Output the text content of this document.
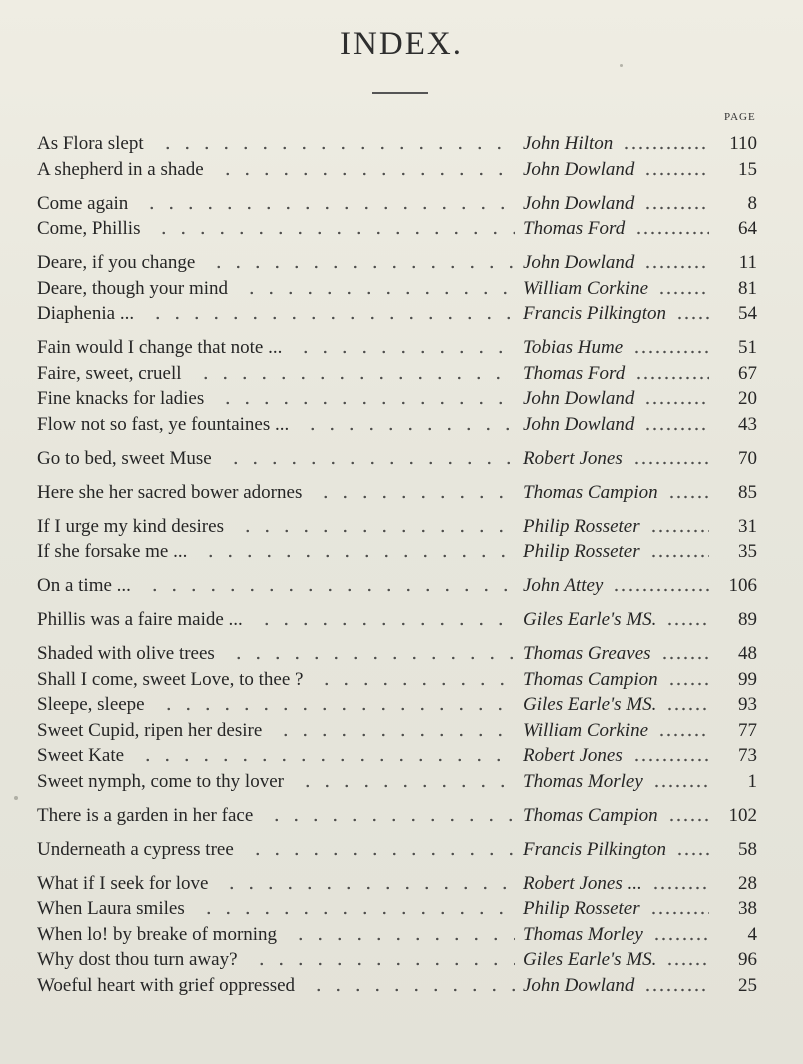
INDEX.
PAGE
As Flora slept	John Hilton	110
A shepherd in a shade	John Dowland	15
Come again	John Dowland	8
Come, Phillis	Thomas Ford	64
Deare, if you change	John Dowland	11
Deare, though your mind	William Corkine	81
Diaphenia ...	Francis Pilkington	54
Fain would I change that note ...	Tobias Hume	51
Faire, sweet, cruell	Thomas Ford	67
Fine knacks for ladies	John Dowland	20
Flow not so fast, ye fountaines ...	John Dowland	43
Go to bed, sweet Muse	Robert Jones	70
Here she her sacred bower adornes	Thomas Campion	85
If I urge my kind desires	Philip Rosseter	31
If she forsake me ...	Philip Rosseter	35
On a time ...	John Attey	106
Phillis was a faire maide ...	Giles Earle's MS.	89
Shaded with olive trees	Thomas Greaves	48
Shall I come, sweet Love, to thee ?	Thomas Campion	99
Sleepe, sleepe	Giles Earle's MS.	93
Sweet Cupid, ripen her desire	William Corkine	77
Sweet Kate	Robert Jones	73
Sweet nymph, come to thy lover	Thomas Morley	1
There is a garden in her face	Thomas Campion	102
Underneath a cypress tree	Francis Pilkington	58
What if I seek for love	Robert Jones ...	28
When Laura smiles	Philip Rosseter	38
When lo! by breake of morning	Thomas Morley	4
Why dost thou turn away?	Giles Earle's MS.	96
Woeful heart with grief oppressed	John Dowland	25
